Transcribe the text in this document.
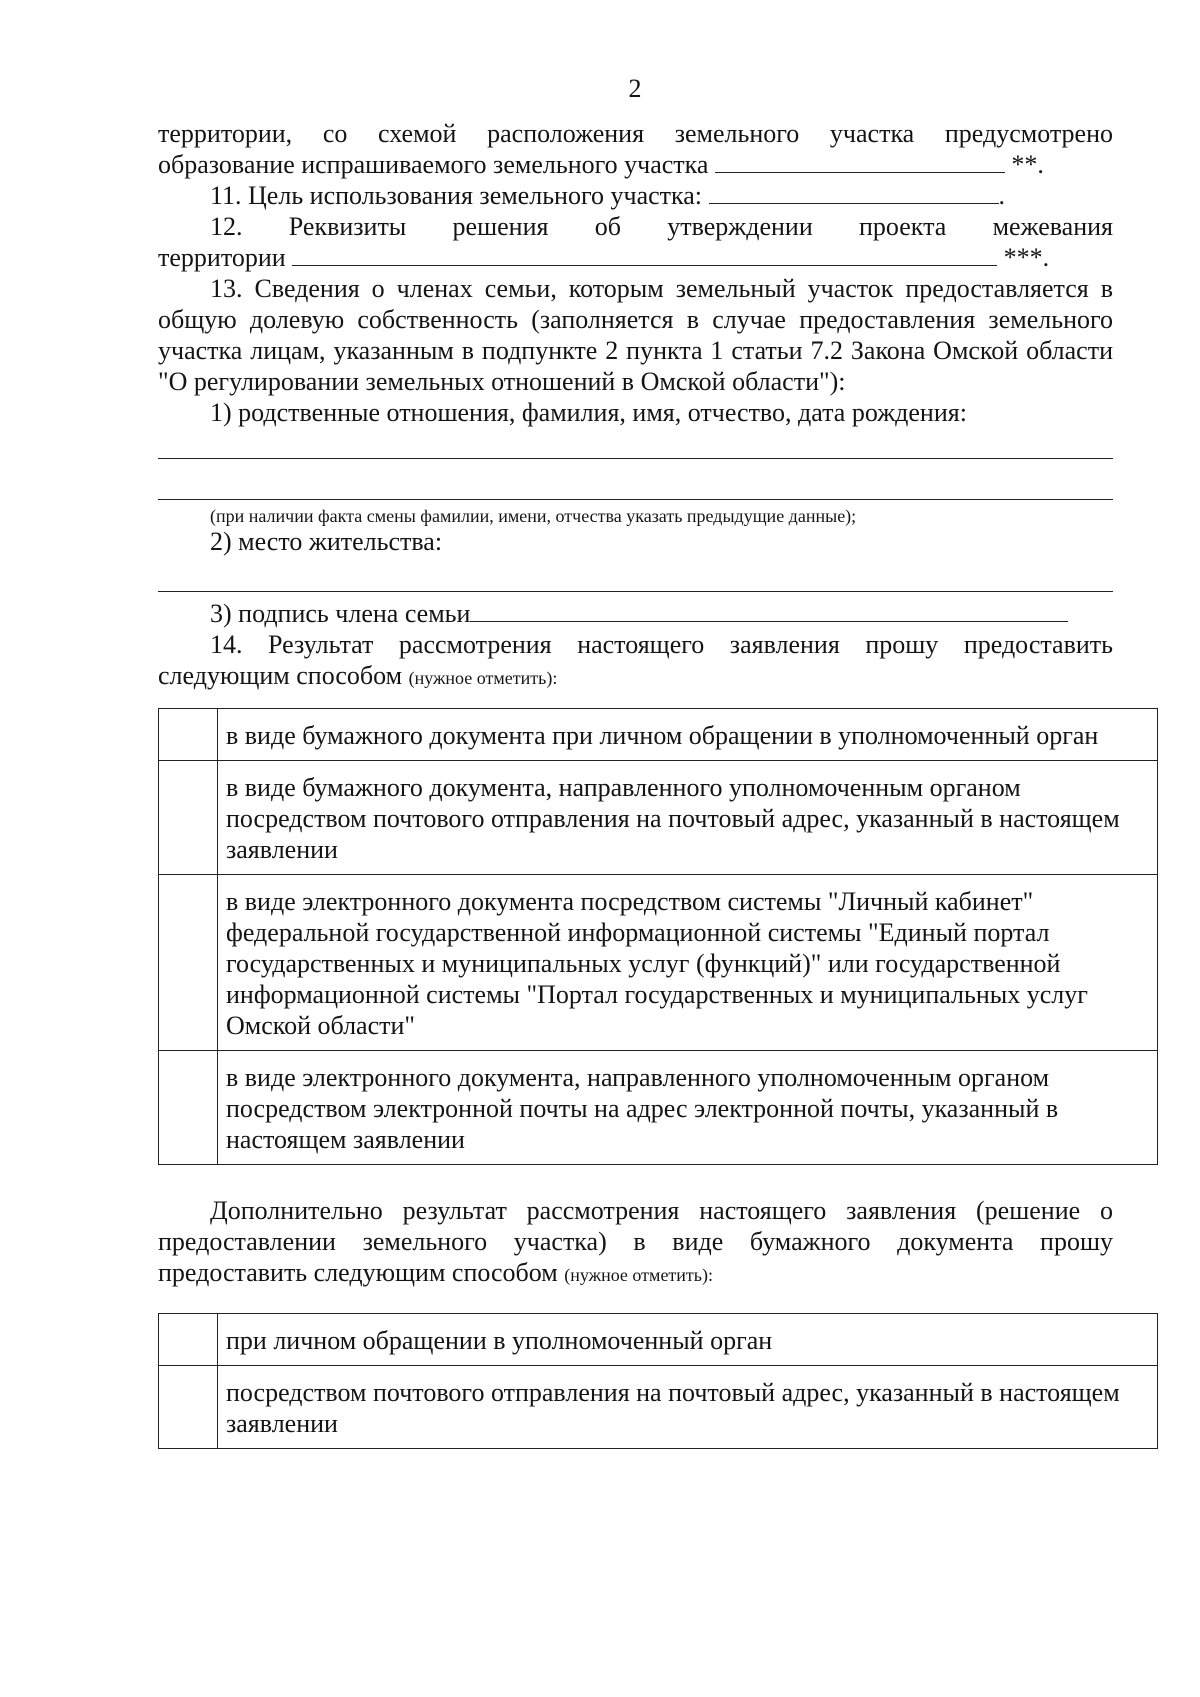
2

территории, со схемой расположения земельного участка предусмотрено

образование испрашиваемого земельного участка	**.

11. Цель использования земельного участка:	.

12. Реквизиты решения об утверждении проекта межевания

территории	***.

13. Сведения о членах семьи, которым земельный участок предоставляется в общую долевую собственность (заполняется в случае предоставления земельного участка лицам, указанным в подпункте 2 пункта 1 статьи 7.2 Закона Омской области "О регулировании земельных отношений в Омской области"):

1) родственные отношения, фамилия, имя, отчество, дата рождения:

(при наличии факта смены фамилии, имени, отчества указать предыдущие данные);

2) место жительства:

3) подпись члена семьи

14. Результат рассмотрения настоящего заявления прошу предоставить следующим способом (нужное отметить):

	в виде бумажного документа при личном обращении в уполномоченный орган
	в виде бумажного документа, направленного уполномоченным органом посредством почтового отправления на почтовый адрес, указанный в настоящем заявлении
	в виде электронного документа посредством системы "Личный кабинет" федеральной государственной информационной системы "Единый портал государственных и муниципальных услуг (функций)" или государственной информационной системы "Портал государственных и муниципальных услуг Омской области"
	в виде электронного документа, направленного уполномоченным органом посредством электронной почты на адрес электронной почты, указанный в настоящем заявлении

Дополнительно результат рассмотрения настоящего заявления (решение о предоставлении земельного участка) в виде бумажного документа прошу предоставить следующим способом (нужное отметить):

	при личном обращении в уполномоченный орган
	посредством почтового отправления на почтовый адрес, указанный в настоящем заявлении
